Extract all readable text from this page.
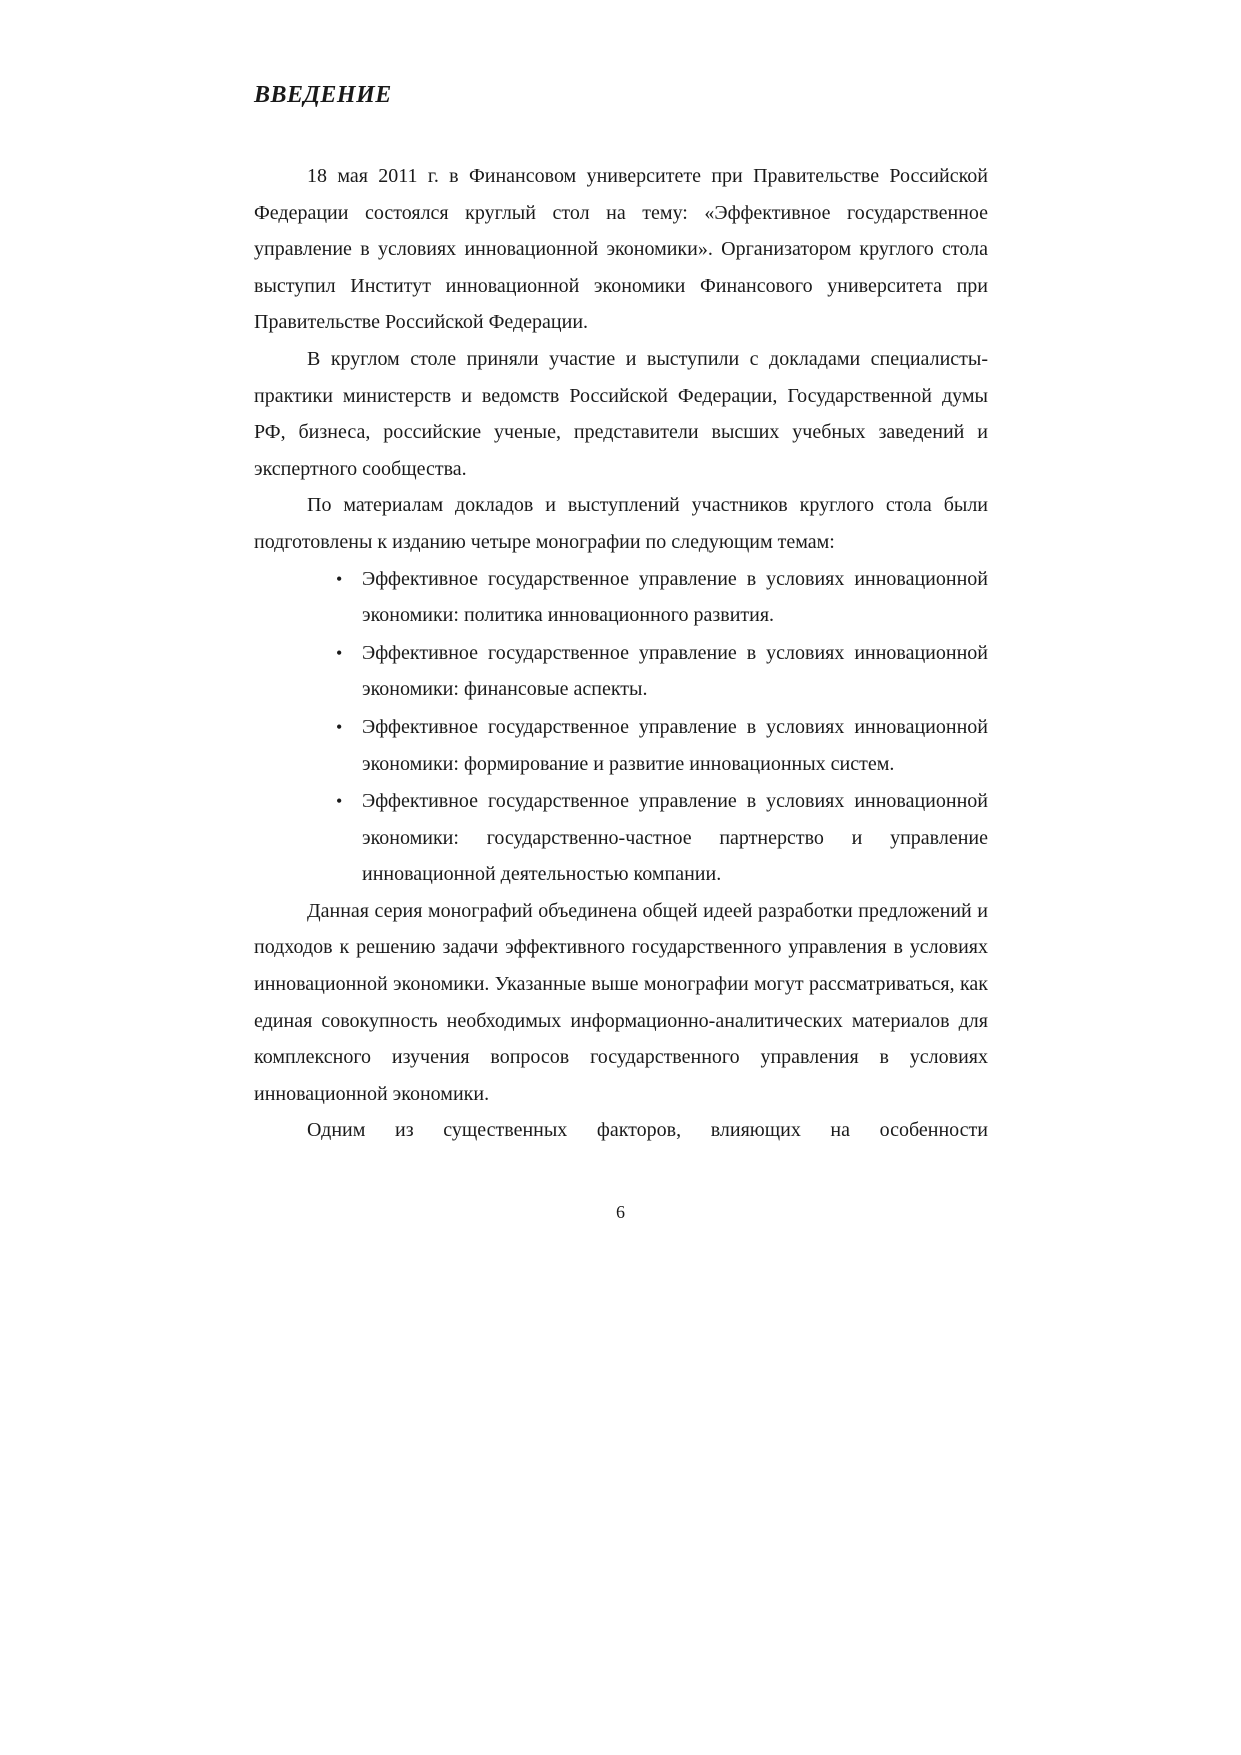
ВВЕДЕНИЕ

18 мая 2011 г. в Финансовом университете при Правительстве Российской Федерации состоялся круглый стол на тему: «Эффективное государственное управление в условиях инновационной экономики». Организатором круглого стола выступил Институт инновационной экономики Финансового университета при Правительстве Российской Федерации.

В круглом столе приняли участие и выступили с докладами специалисты-практики министерств и ведомств Российской Федерации, Государственной думы РФ, бизнеса, российские ученые, представители высших учебных заведений и экспертного сообщества.

По материалам докладов и выступлений участников круглого стола были подготовлены к изданию четыре монографии по следующим темам:

• Эффективное государственное управление в условиях инновационной экономики: политика инновационного развития.
• Эффективное государственное управление в условиях инновационной экономики: финансовые аспекты.
• Эффективное государственное управление в условиях инновационной экономики: формирование и развитие инновационных систем.
• Эффективное государственное управление в условиях инновационной экономики: государственно-частное партнерство и управление инновационной деятельностью компании.

Данная серия монографий объединена общей идеей разработки предложений и подходов к решению задачи эффективного государственного управления в условиях инновационной экономики. Указанные выше монографии могут рассматриваться, как единая совокупность необходимых информационно-аналитических материалов для комплексного изучения вопросов государственного управления в условиях инновационной экономики.

Одним из существенных факторов, влияющих на особенности

6
